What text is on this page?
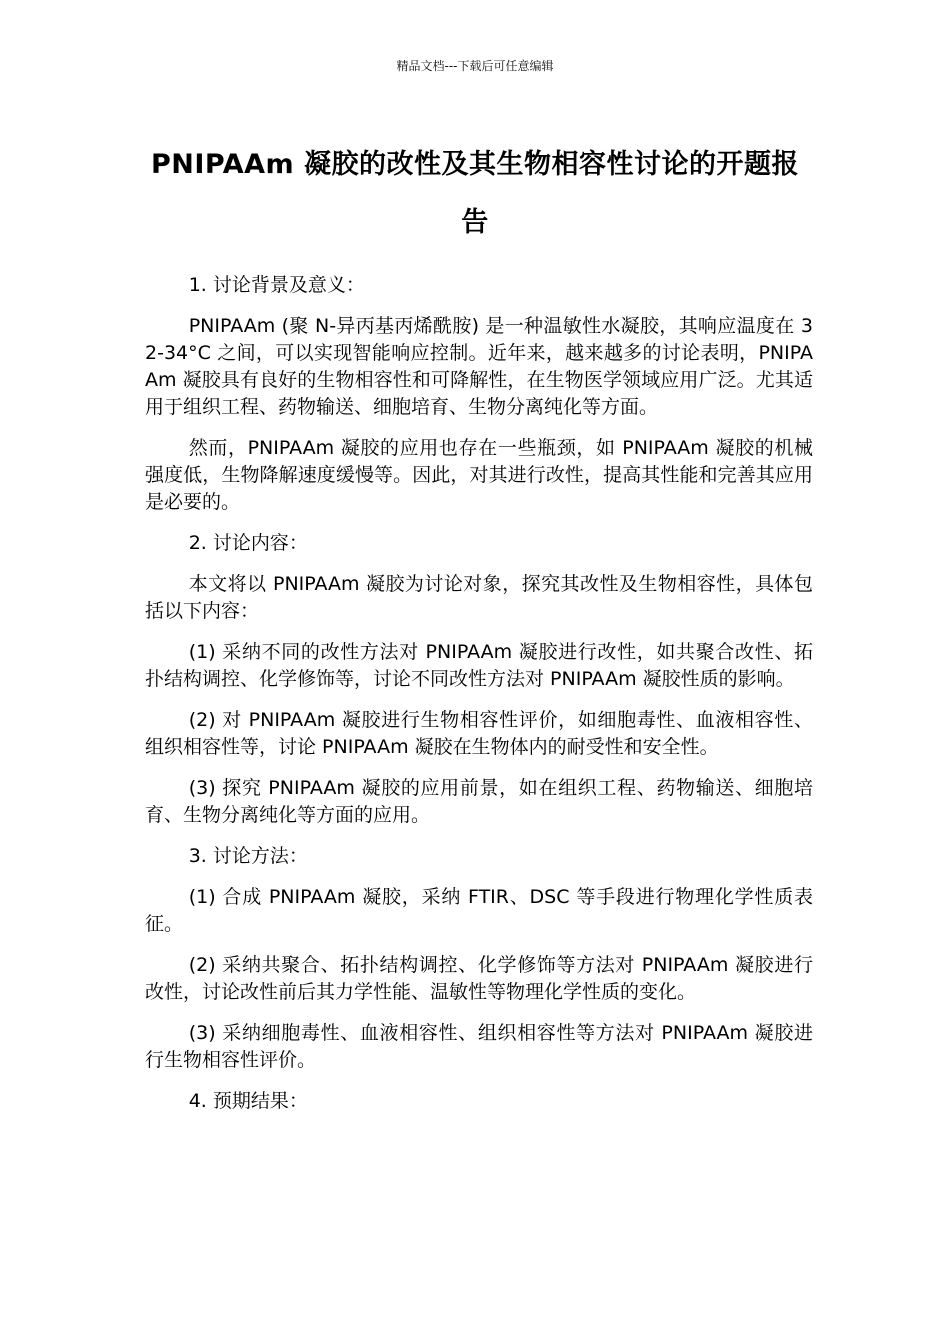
精品文档---下载后可任意编辑
PNIPAAm 凝胶的改性及其生物相容性讨论的开题报告

1. 讨论背景及意义：

PNIPAAm (聚 N-异丙基丙烯酰胺) 是一种温敏性水凝胶，其响应温度在 32-34°C 之间，可以实现智能响应控制。近年来，越来越多的讨论表明，PNIPAAm 凝胶具有良好的生物相容性和可降解性，在生物医学领域应用广泛。尤其适用于组织工程、药物输送、细胞培育、生物分离纯化等方面。

然而，PNIPAAm 凝胶的应用也存在一些瓶颈，如 PNIPAAm 凝胶的机械强度低，生物降解速度缓慢等。因此，对其进行改性，提高其性能和完善其应用是必要的。

2. 讨论内容：

本文将以 PNIPAAm 凝胶为讨论对象，探究其改性及生物相容性，具体包括以下内容：

(1) 采纳不同的改性方法对 PNIPAAm 凝胶进行改性，如共聚合改性、拓扑结构调控、化学修饰等，讨论不同改性方法对 PNIPAAm 凝胶性质的影响。

(2) 对 PNIPAAm 凝胶进行生物相容性评价，如细胞毒性、血液相容性、组织相容性等，讨论 PNIPAAm 凝胶在生物体内的耐受性和安全性。

(3) 探究 PNIPAAm 凝胶的应用前景，如在组织工程、药物输送、细胞培育、生物分离纯化等方面的应用。

3. 讨论方法：

(1) 合成 PNIPAAm 凝胶，采纳 FTIR、DSC 等手段进行物理化学性质表征。

(2) 采纳共聚合、拓扑结构调控、化学修饰等方法对 PNIPAAm 凝胶进行改性，讨论改性前后其力学性能、温敏性等物理化学性质的变化。

(3) 采纳细胞毒性、血液相容性、组织相容性等方法对 PNIPAAm 凝胶进行生物相容性评价。

4. 预期结果：
